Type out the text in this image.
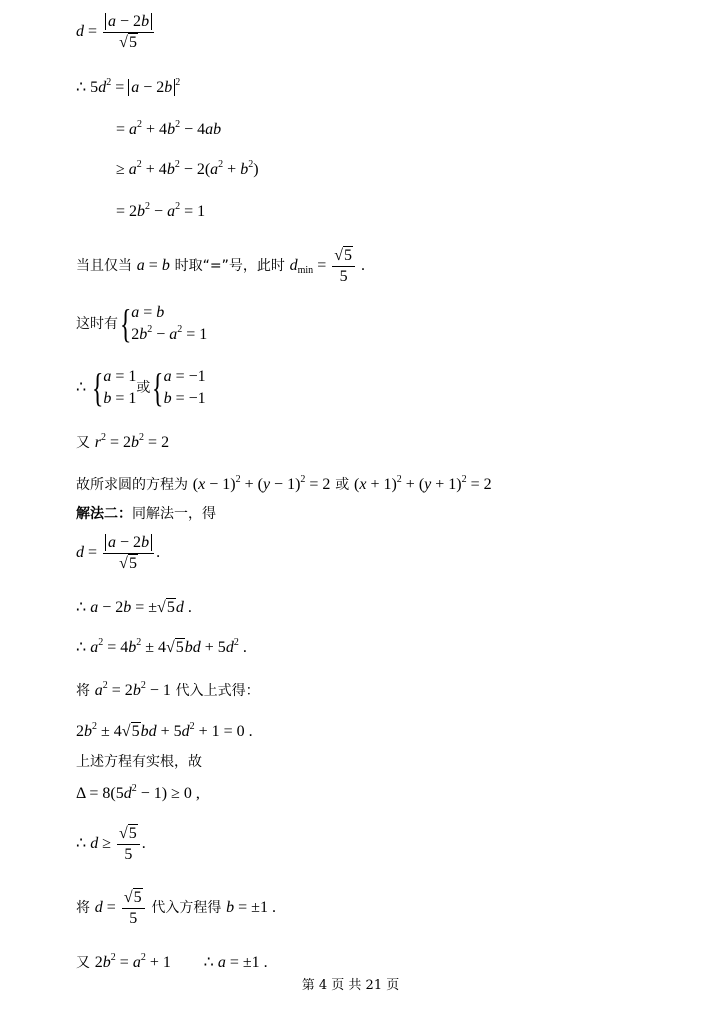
$d = \frac{a - 2b}{√5}$
∴ $5d^2 = a - 2b$ $^2$
= $a^2 + 4b^2 - 4ab$
≥ $a^2 + 4b^2 - 2(a^2 + b^2)$
= $2b^2 - a^2 = 1$
当且仅当 a = b 时取“=”号，此时 $d_{min} = \frac{√5}{5}$ .
这时有{ a = b
$2b^2 - a^2 = 1$
∴ { a = 1
b = 1
或{ a = −1
b = −1
又 $r^2 = 2b^2 = 2$
故所求圆的方程为 $(x - 1)^2 + (y - 1)^2 = 2$ 或 $(x + 1)^2 + (y + 1)^2 = 2$
解法二：同解法一，得
$d = \frac{a - 2b}{√5}$ .
∴ a − 2b = ±√5d .
∴ $a^2 = 4b^2 \pm 4√5bd + 5d^2$ .
将 $a^2 = 2b^2 - 1$ 代入上式得：
$2b^2 \pm 4√5bd + 5d^2 + 1 = 0$ .
上述方程有实根，故
$\Delta = 8(5d^2 - 1) \ge 0$ ,
∴ $d \ge \frac{√5}{5}$ .
将 $d = \frac{√5}{5}$ 代入方程得 b = ±1 .
又 $2b^2 = a^2 + 1$ ∴ a = ±1 .
第 4 页 共 21 页
